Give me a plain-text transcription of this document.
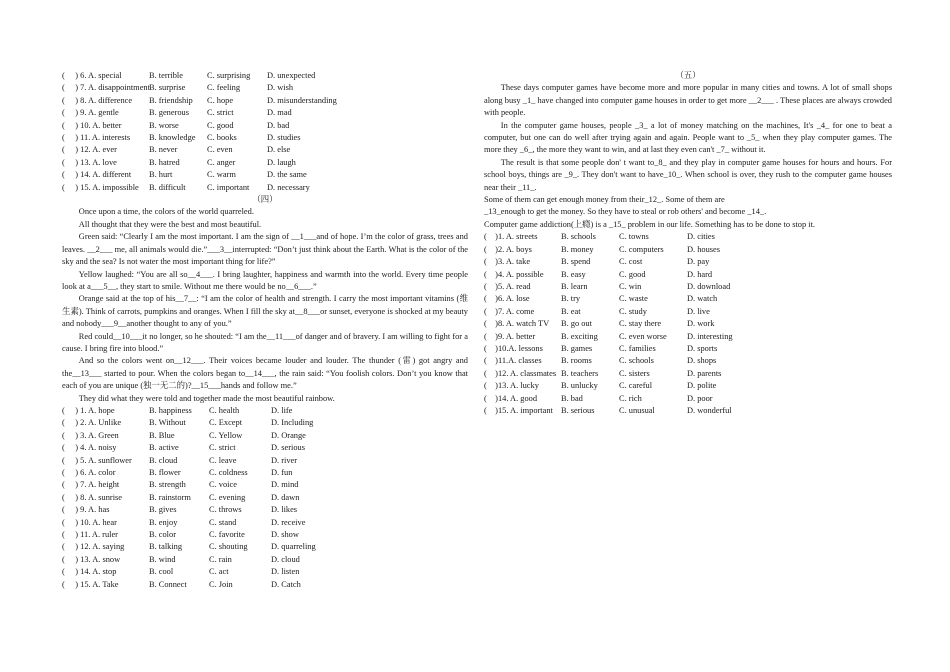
(　 ) 6. A. special	B. terrible	C. surprising D. unexpected
(　 ) 7. A. disappointmentB. surprise	C. feeling	D. wish
(　 ) 8. A. difference B. friendship C. hope	D. misunderstanding
(　 ) 9. A. gentle	B. generous C. strict	D. mad
(　 ) 10. A. better	B. worse	C. good	D. bad
(　 ) 11. A. interests B. knowledge C. books	D. studies
(　 ) 12. A. ever	B. never	C. even	D. else
(　 ) 13. A. love	B. hatred	C. anger	D. laugh
(　 ) 14. A. different B. hurt	C. warm	D. the same
(　 ) 15. A. impossible B. difficult	C. important D. necessary
（四）
Once upon a time, the colors of the world quarreled.
All thought that they were the best and most beautiful.
Green said: “Clearly I am the most important. I am the sign of __1___and of hope. I’m the color of grass, trees and leaves. __2___ me, all animals would die.”___3__interrupted: “Don’t just think about the Earth. What is the color of the sky and the sea? Is not water the most important thing for life?”
Yellow laughed: “You are all so__4___. I bring laughter, happiness and warmth into the world. Every time people look at a___5__, they start to smile. Without me there would be no__6___.”
Orange said at the top of his__7__: “I am the color of health and strength. I carry the most important vitamins (维生素). Think of carrots, pumpkins and oranges. When I fill the sky at__8___or sunset, everyone is shocked at my beauty and nobody___9__another thought to any of you.”
Red could__10___it no longer, so he shouted: “I am the__11___of danger and of bravery. I am willing to fight for a cause. I bring fire into blood.”
And so the colors went on__12___. Their voices became louder and louder. The thunder (雷) got angry and the__13___ started to pour. When the colors began to__14___, the rain said: “You foolish colors. Don’t you know that each of you are unique (独一无二的)?__15___hands and follow me.”
They did what they were told and together made the most beautiful rainbow.
(　 ) 1. A. hope	B. happiness C. health	D. life
(　 ) 2. A. Unlike	B. Without	C. Except	D. Including
(　 ) 3. A. Green	B. Blue	C. Yellow	D. Orange
(　 ) 4. A. noisy	B. active	C. strict	D. serious
(　 ) 5. A. sunflower B. cloud	C. leave	D. river
(　 ) 6. A. color	B. flower	C. coldness	D. fun
(　 ) 7. A. height	B. strength	C. voice	D. mind
(　 ) 8. A. sunrise	B. rainstorm C. evening	D. dawn
(　 ) 9. A. has	B. gives	C. throws	D. likes
(　 ) 10. A. hear	B. enjoy	C. stand	D. receive
(　 ) 11. A. ruler	B. color	C. favorite	D. show
(　 ) 12. A. saying	B. talking	C. shouting	D. quarreling
(　 ) 13. A. snow	B. wind	C. rain	D. cloud
(　 ) 14. A. stop	B. cool	C. act	D. listen
(　 ) 15. A. Take	B. Connect	C. Join	D. Catch
（五）
These days computer games have become more and more popular in many cities and towns. A lot of small shops along busy _1_ have changed into computer game houses in order to get more __2___ . These places are always crowded with people.
In the computer game houses, people _3_ a lot of money matching on the machines, It's _4_ for one to beat a computer, but one can do well after trying again and again. People want to _5_ when they play computer games. The more they _6_, the more they want to win, and at last they even can't _7_ without it.
The result is that some people don' t want to_8_ and they play in computer game houses for hours and hours. For school boys, things are _9_. They don't want to have_10_. When school is over, they rush to the computer game houses near their _11_.
Some of them can get enough money from their_12_. Some of them are
_13_enough to get the money. So they have to steal or rob others' and become _14_.
Computer game addiction(上瘾) is a _15_ problem in our life. Something has to be done to stop it.
(　)1. A. streets	B. schools	C. towns	D. cities
(　)2. A. boys	B. money	C. computers	D. houses
(　)3. A. take	B. spend	C. cost	D. pay
(　)4. A. possible B. easy	C. good	D. hard
(　)5. A. read	B. learn	C. win	D. download
(　)6. A. lose	B. try	C. waste	D. watch
(　)7. A. come	B. eat	C. study	D. live
(　)8. A. watch TV B. go out	C. stay there	D. work
(　)9. A. better	B. exciting	C. even worse D. interesting
(　)10.A. lessons B. games	C. families	D. sports
(　)11.A. classes B. rooms	C. schools	D. shops
(　)12. A. classmates B. teachers C. sisters	D. parents
(　)13. A. lucky	B. unlucky	C. careful	D. polite
(　)14. A. good	B. bad	C. rich	D. poor
(　)15. A. important B. serious	C. unusual	D. wonderful
